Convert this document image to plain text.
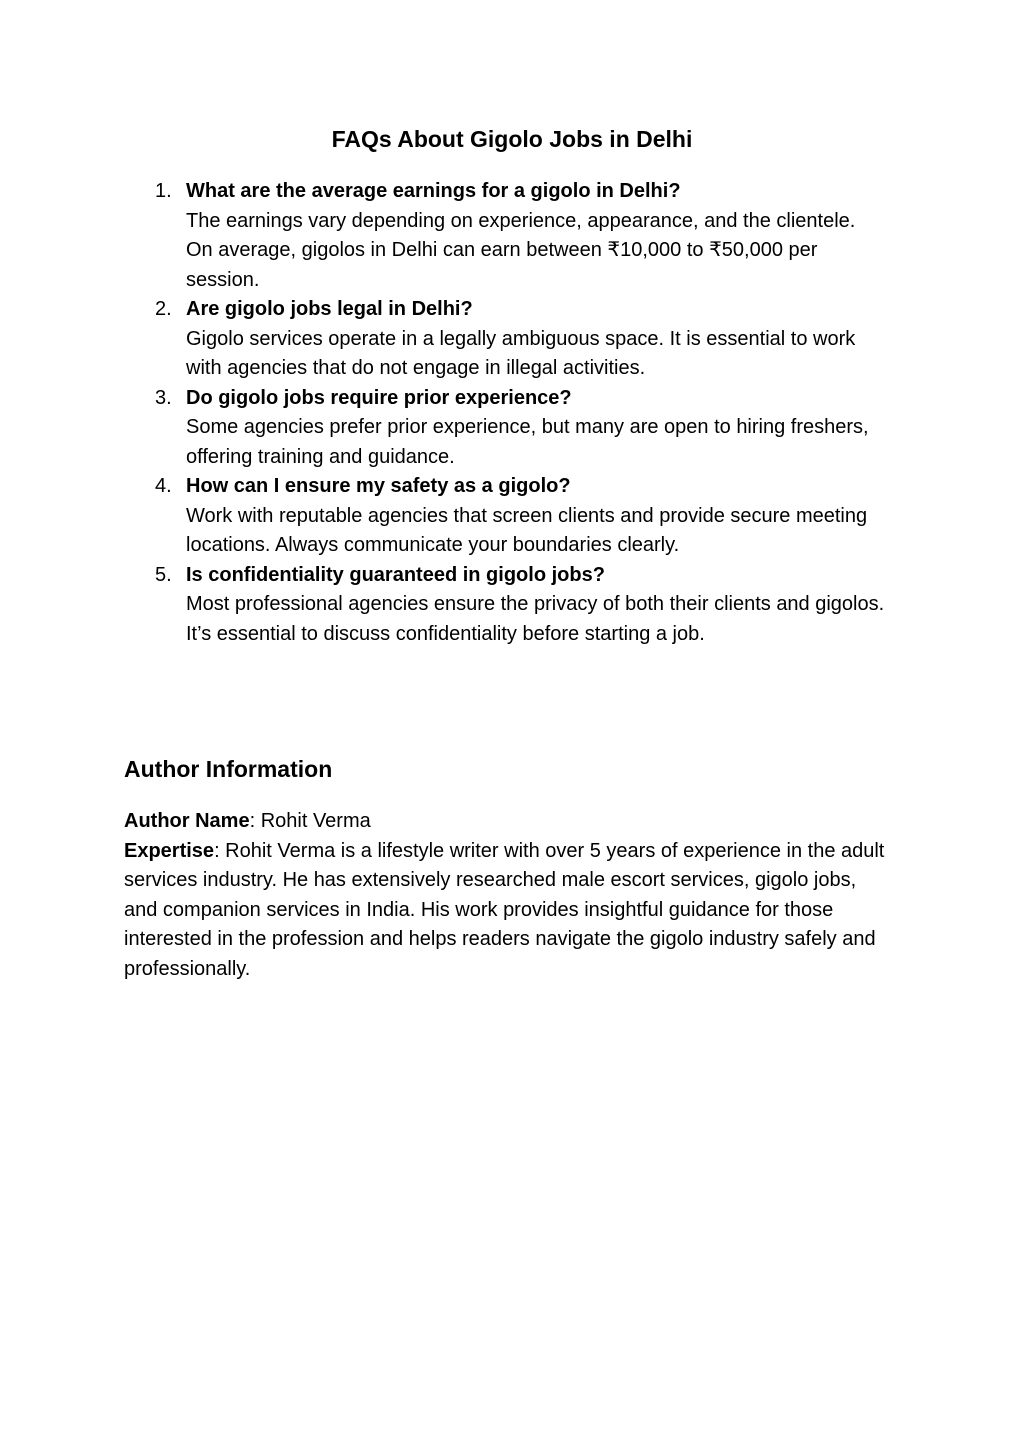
FAQs About Gigolo Jobs in Delhi
1. What are the average earnings for a gigolo in Delhi?
The earnings vary depending on experience, appearance, and the clientele. On average, gigolos in Delhi can earn between ₹10,000 to ₹50,000 per session.
2. Are gigolo jobs legal in Delhi?
Gigolo services operate in a legally ambiguous space. It is essential to work with agencies that do not engage in illegal activities.
3. Do gigolo jobs require prior experience?
Some agencies prefer prior experience, but many are open to hiring freshers, offering training and guidance.
4. How can I ensure my safety as a gigolo?
Work with reputable agencies that screen clients and provide secure meeting locations. Always communicate your boundaries clearly.
5. Is confidentiality guaranteed in gigolo jobs?
Most professional agencies ensure the privacy of both their clients and gigolos. It’s essential to discuss confidentiality before starting a job.
Author Information

Author Name: Rohit Verma

Expertise: Rohit Verma is a lifestyle writer with over 5 years of experience in the adult services industry. He has extensively researched male escort services, gigolo jobs, and companion services in India. His work provides insightful guidance for those interested in the profession and helps readers navigate the gigolo industry safely and professionally.
